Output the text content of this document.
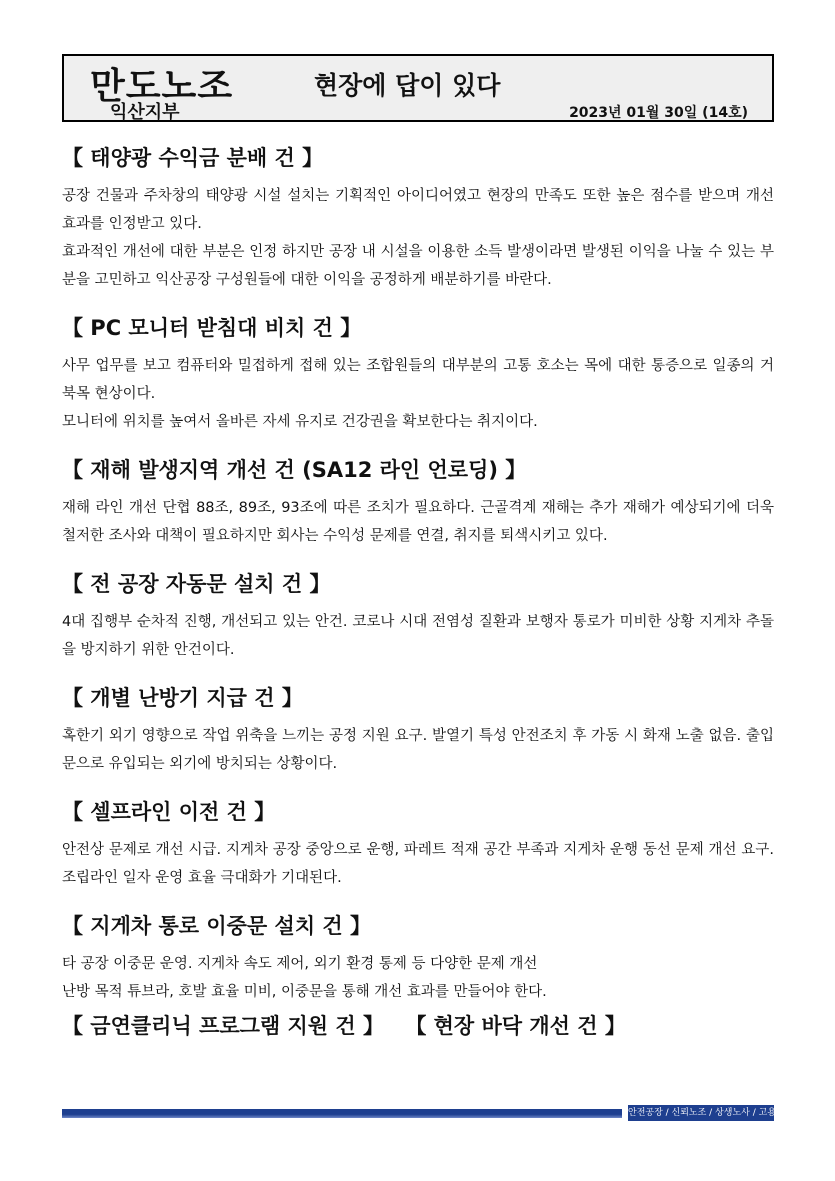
만도노조
익산지부
현장에 답이 있다
2023년 01월 30일 (14호)
【 태양광 수익금 분배 건 】

공장 건물과 주차창의 태양광 시설 설치는 기획적인 아이디어였고 현장의 만족도 또한 높은 점수를 받으며 개선 효과를 인정받고 있다.

효과적인 개선에 대한 부분은 인정 하지만 공장 내 시설을 이용한 소득 발생이라면 발생된 이익을 나눌 수 있는 부분을 고민하고 익산공장 구성원들에 대한 이익을 공정하게 배분하기를 바란다.

【 PC 모니터 받침대 비치 건 】

사무 업무를 보고 컴퓨터와 밀접하게 접해 있는 조합원들의 대부분의 고통 호소는 목에 대한 통증으로 일종의 거북목 현상이다.

모니터에 위치를 높여서 올바른 자세 유지로 건강권을 확보한다는 취지이다.

【 재해 발생지역 개선 건 (SA12 라인 언로딩) 】

재해 라인 개선 단협 88조, 89조, 93조에 따른 조치가 필요하다. 근골격계 재해는 추가 재해가 예상되기에 더욱 철저한 조사와 대책이 필요하지만 회사는 수익성 문제를 연결, 취지를 퇴색시키고 있다.

【 전 공장 자동문 설치 건 】

4대 집행부 순차적 진행, 개선되고 있는 안건. 코로나 시대 전염성 질환과 보행자 통로가 미비한 상황 지게차 추돌을 방지하기 위한 안건이다.

【 개별 난방기 지급 건 】

혹한기 외기 영향으로 작업 위축을 느끼는 공정 지원 요구. 발열기 특성 안전조치 후 가동 시 화재 노출 없음. 출입문으로 유입되는 외기에 방치되는 상황이다.

【 셀프라인 이전 건 】

안전상 문제로 개선 시급. 지게차 공장 중앙으로 운행, 파레트 적재 공간 부족과 지게차 운행 동선 문제 개선 요구. 조립라인 일자 운영 효율 극대화가 기대된다.

【 지게차 통로 이중문 설치 건 】

타 공장 이중문 운영. 지게차 속도 제어, 외기 환경 통제 등 다양한 문제 개선

난방 목적 튜브라, 호발 효율 미비, 이중문을 통해 개선 효과를 만들어야 한다.

【 금연클리닉 프로그램 지원 건 】 【 현장 바닥 개선 건 】
안전공장 / 신뢰노조 / 상생노사 / 고용안정
